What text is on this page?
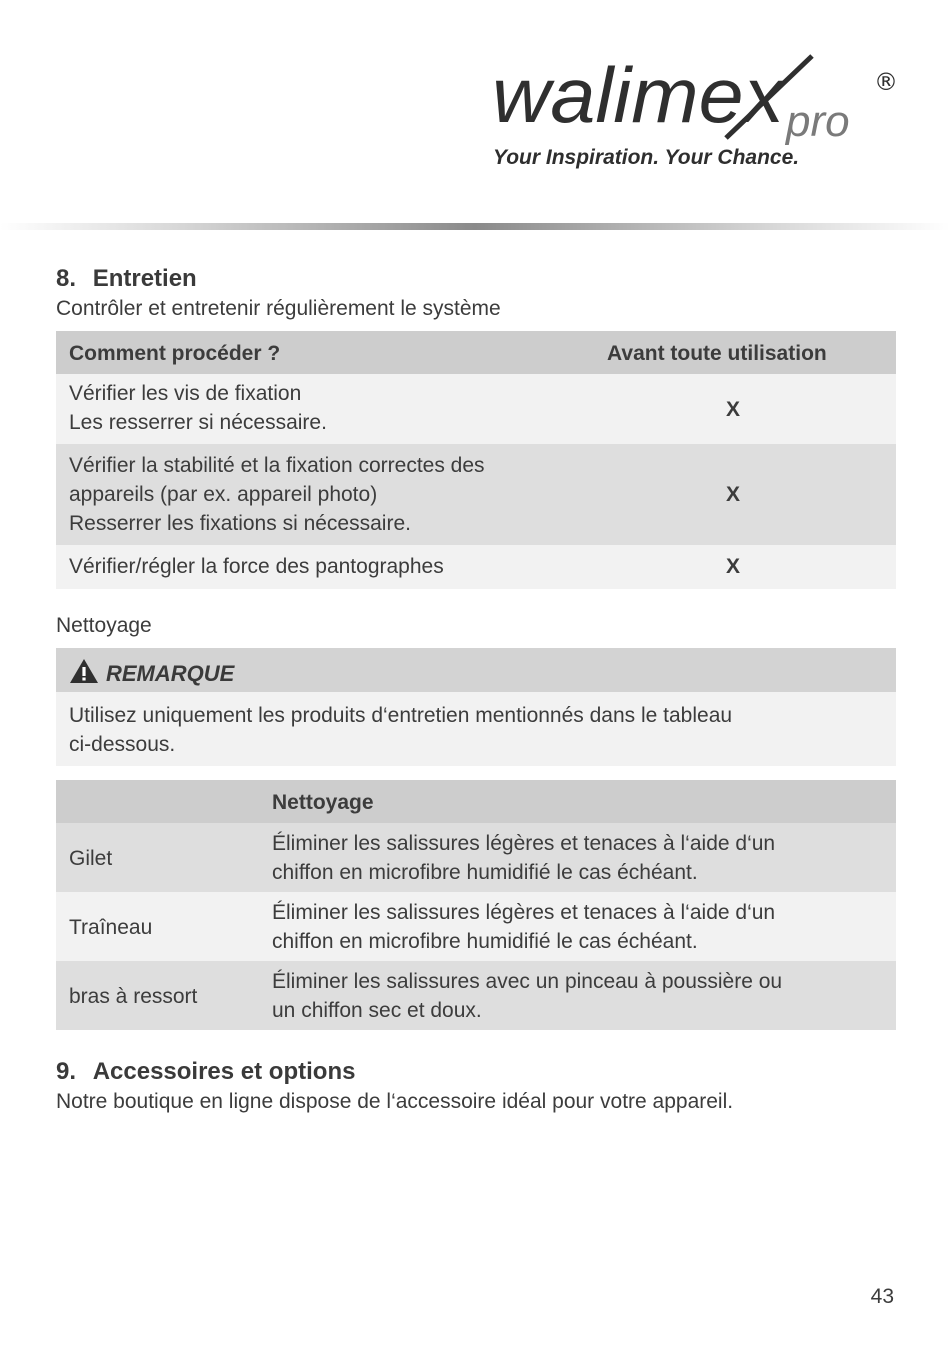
walimex
pro
®
Your Inspiration. Your Chance.
8. Entretien
Contrôler et entretenir régulièrement le système
Comment procéder ?	Avant toute utilisation
Vérifier les vis de fixation
Les resserrer si nécessaire.
X
Vérifier la stabilité et la fixation correctes des
appareils (par ex. appareil photo)
Resserrer les fixations si nécessaire.
X
Vérifier/régler la force des pantographes	X
Nettoyage
REMARQUE
Utilisez uniquement les produits d‘entretien mentionnés dans le tableau
ci-dessous.
Nettoyage
Gilet
Éliminer les salissures légères et tenaces à l‘aide d‘un
chiffon en microfibre humidifié le cas échéant.
Traîneau
Éliminer les salissures légères et tenaces à l‘aide d‘un
chiffon en microfibre humidifié le cas échéant.
bras à ressort
Éliminer les salissures avec un pinceau à poussière ou
un chiffon sec et doux.
9. Accessoires et options
Notre boutique en ligne dispose de l‘accessoire idéal pour votre appareil.
43
